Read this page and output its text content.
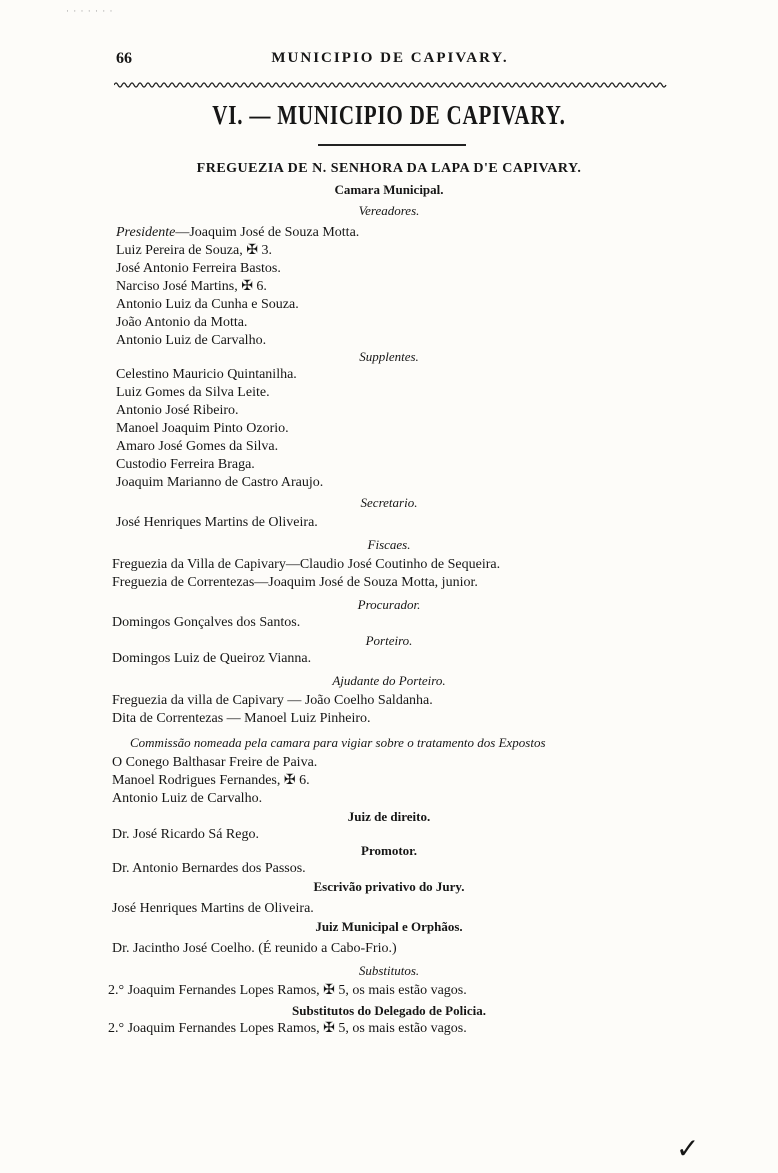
· · · · · · ·
66	MUNICIPIO DE CAPIVARY.
VI. — MUNICIPIO DE CAPIVARY.
FREGUEZIA DE N. SENHORA DA LAPA D'E CAPIVARY.
Camara Municipal.
Vereadores.
Presidente—Joaquim José de Souza Motta.
Luiz Pereira de Souza, ✠ 3.
José Antonio Ferreira Bastos.
Narciso José Martins, ✠ 6.
Antonio Luiz da Cunha e Souza.
João Antonio da Motta.
Antonio Luiz de Carvalho.
Supplentes.
Celestino Mauricio Quintanilha.
Luiz Gomes da Silva Leite.
Antonio José Ribeiro.
Manoel Joaquim Pinto Ozorio.
Amaro José Gomes da Silva.
Custodio Ferreira Braga.
Joaquim Marianno de Castro Araujo.
Secretario.
José Henriques Martins de Oliveira.
Fiscaes.
Freguezia da Villa de Capivary—Claudio José Coutinho de Sequeira.
Freguezia de Correntezas—Joaquim José de Souza Motta, junior.
Procurador.
Domingos Gonçalves dos Santos.
Porteiro.
Domingos Luiz de Queiroz Vianna.
Ajudante do Porteiro.
Freguezia da villa de Capivary — João Coelho Saldanha.
Dita de Correntezas — Manoel Luiz Pinheiro.
Commissão nomeada pela camara para vigiar sobre o tratamento dos Expostos
O Conego Balthasar Freire de Paiva.
Manoel Rodrigues Fernandes, ✠ 6.
Antonio Luiz de Carvalho.
Juiz de direito.
Dr. José Ricardo Sá Rego.
Promotor.
Dr. Antonio Bernardes dos Passos.
Escrivão privativo do Jury.
José Henriques Martins de Oliveira.
Juiz Municipal e Orphãos.
Dr. Jacintho José Coelho. (É reunido a Cabo-Frio.)
Substitutos.
2.° Joaquim Fernandes Lopes Ramos, ✠ 5, os mais estão vagos.
Substitutos do Delegado de Policia.
2.° Joaquim Fernandes Lopes Ramos, ✠ 5, os mais estão vagos.
✓
